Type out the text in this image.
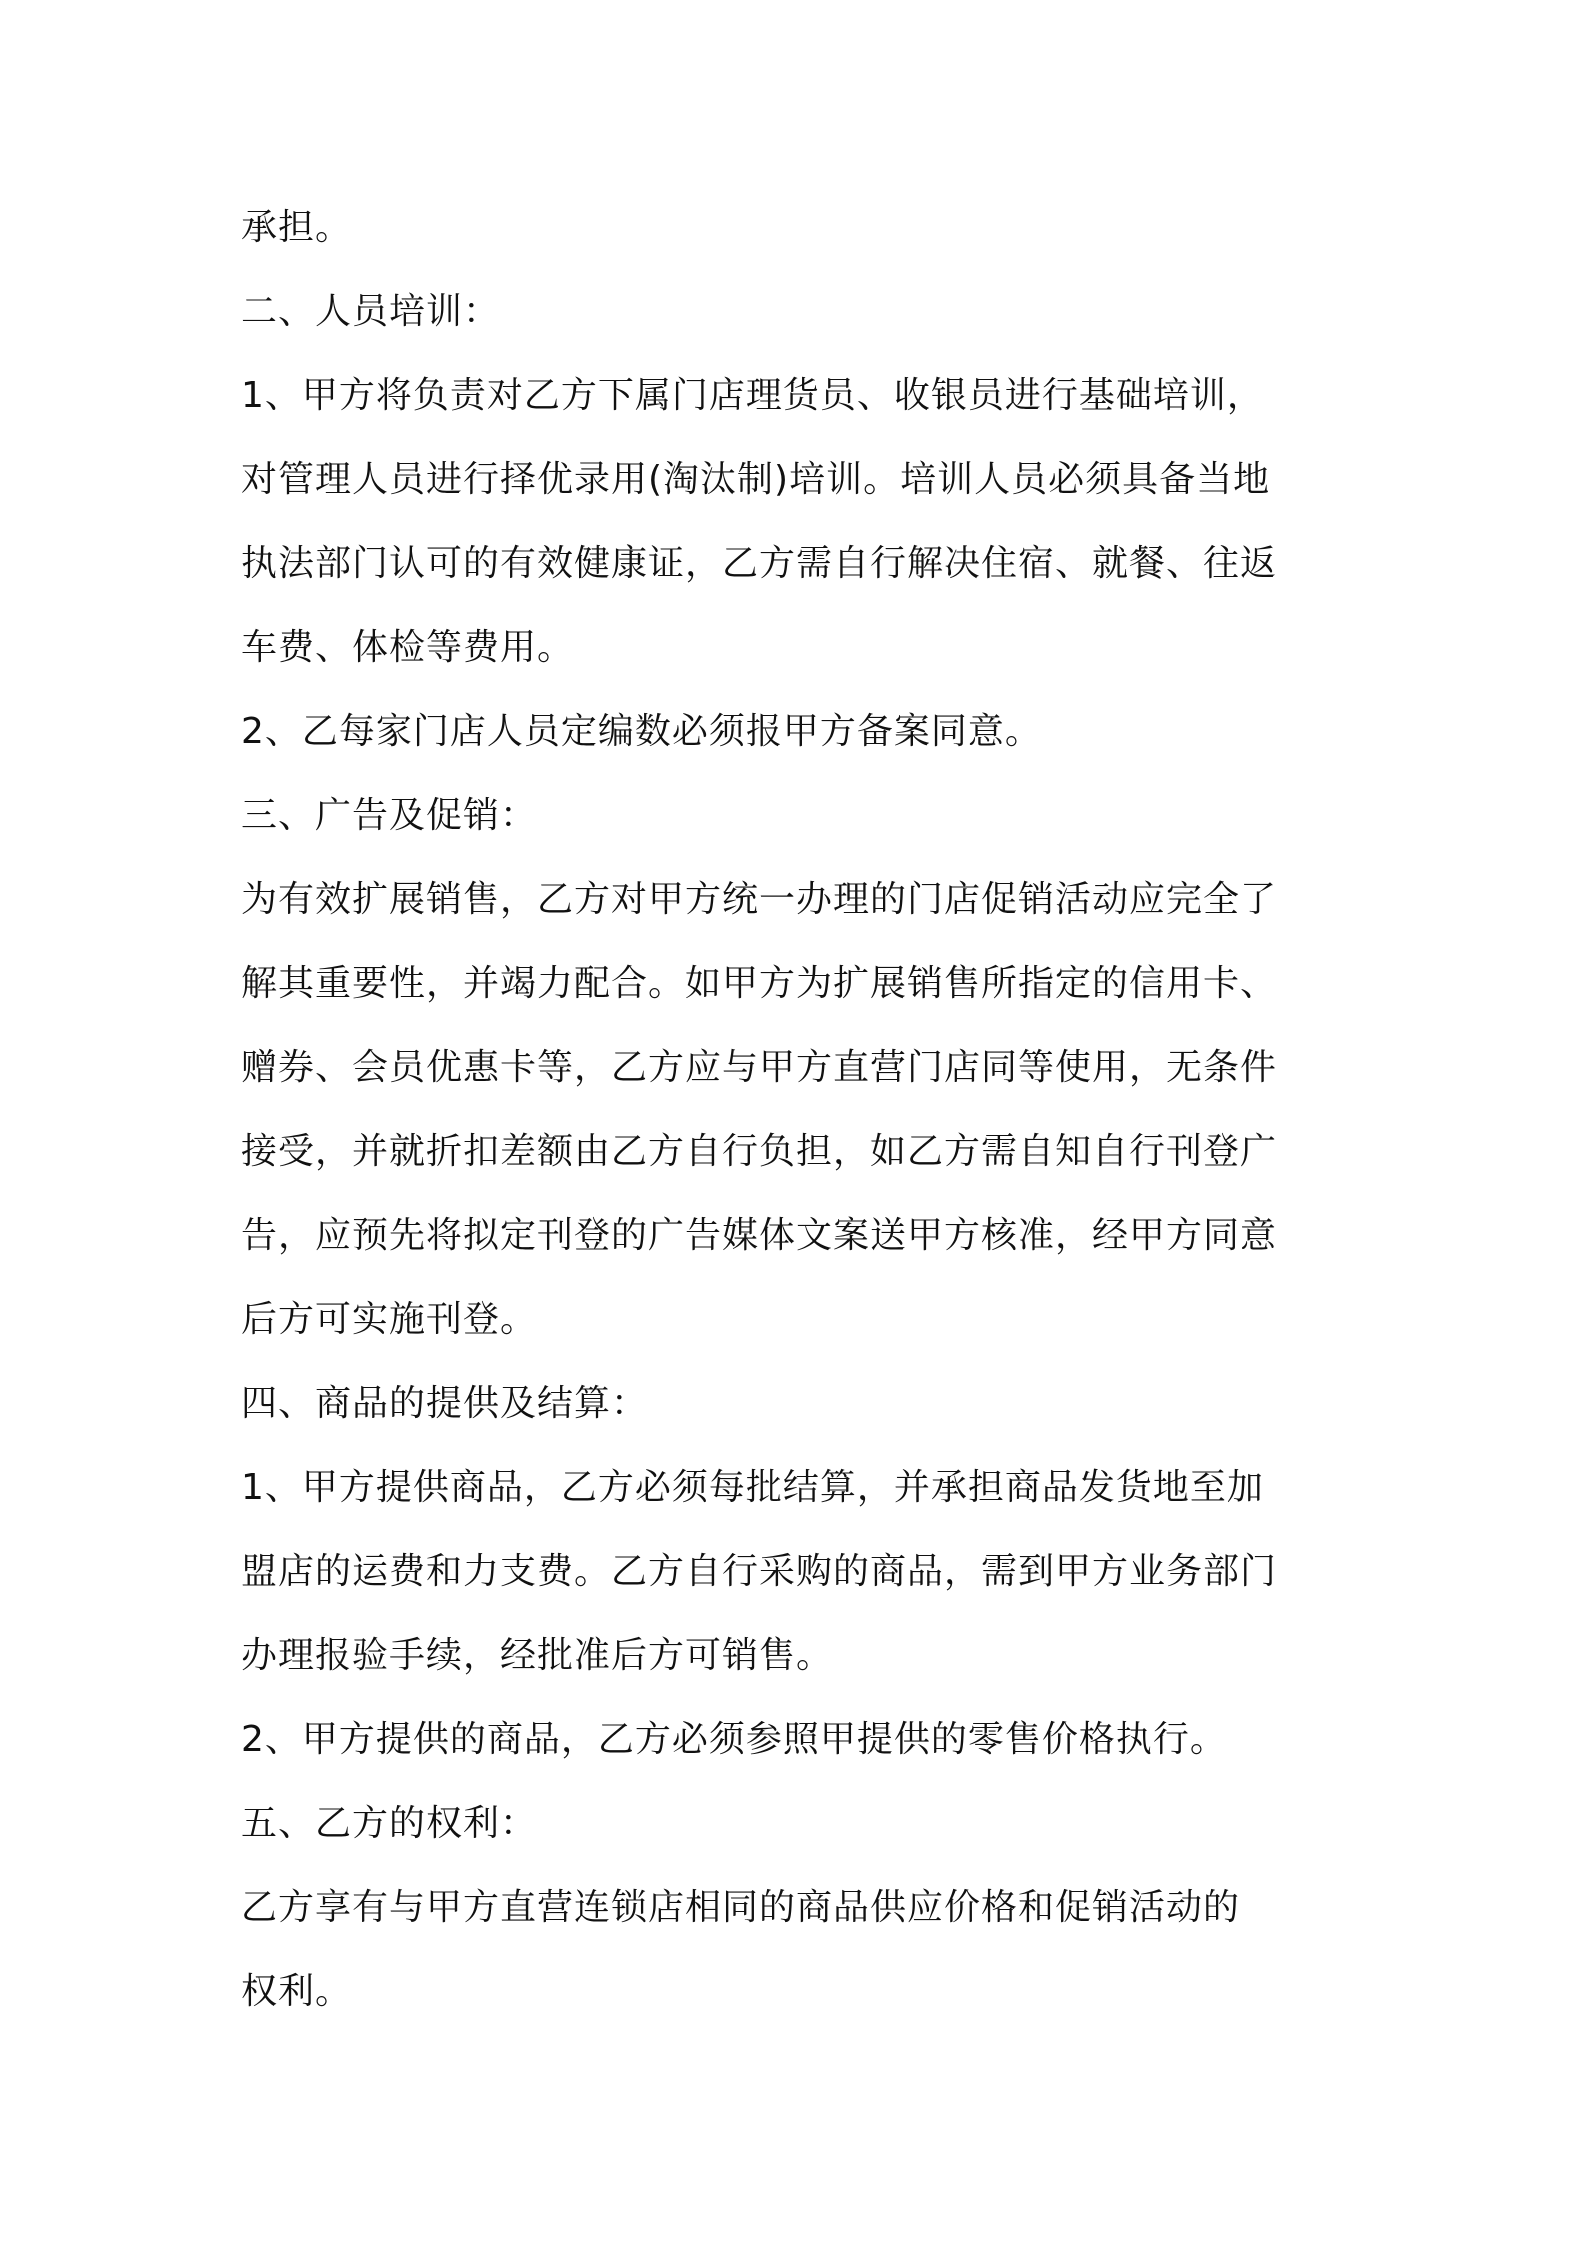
承担。
二、人员培训：
1、甲方将负责对乙方下属门店理货员、收银员进行基础培训，
对管理人员进行择优录用(淘汰制)培训。培训人员必须具备当地
执法部门认可的有效健康证，乙方需自行解决住宿、就餐、往返
车费、体检等费用。
2、乙每家门店人员定编数必须报甲方备案同意。
三、广告及促销：
为有效扩展销售，乙方对甲方统一办理的门店促销活动应完全了
解其重要性，并竭力配合。如甲方为扩展销售所指定的信用卡、
赠券、会员优惠卡等，乙方应与甲方直营门店同等使用，无条件
接受，并就折扣差额由乙方自行负担，如乙方需自知自行刊登广
告，应预先将拟定刊登的广告媒体文案送甲方核准，经甲方同意
后方可实施刊登。
四、商品的提供及结算：
1、甲方提供商品，乙方必须每批结算，并承担商品发货地至加
盟店的运费和力支费。乙方自行采购的商品，需到甲方业务部门
办理报验手续，经批准后方可销售。
2、甲方提供的商品，乙方必须参照甲提供的零售价格执行。
五、乙方的权利：
乙方享有与甲方直营连锁店相同的商品供应价格和促销活动的
权利。
